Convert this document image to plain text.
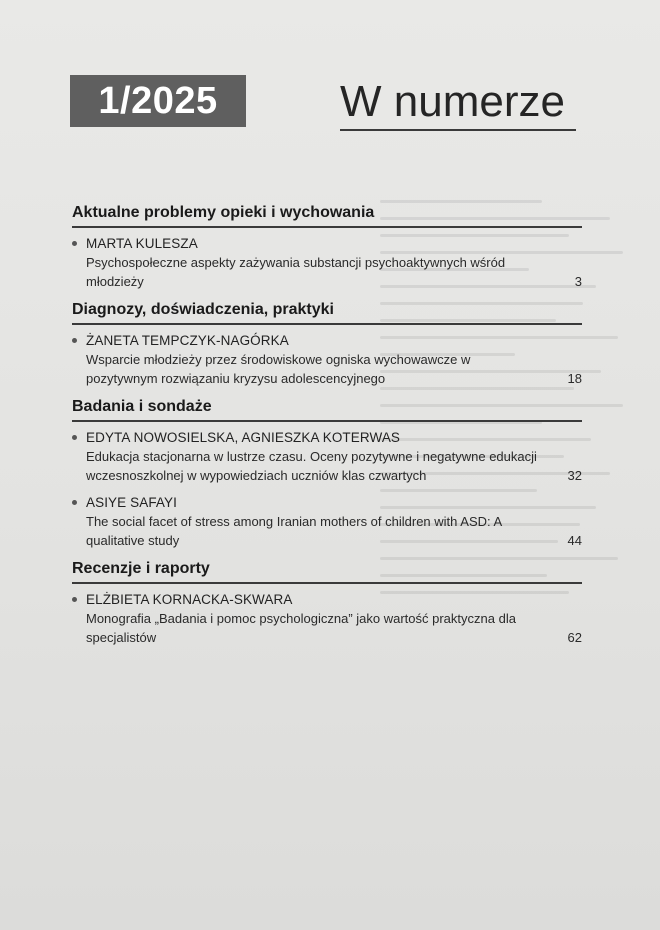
1/2025	W numerze
Aktualne problemy opieki i wychowania
MARTA KULESZA
Psychospołeczne aspekty zażywania substancji psychoaktywnych wśród młodzieży	3
Diagnozy, doświadczenia, praktyki
ŻANETA TEMPCZYK-NAGÓRKA
Wsparcie młodzieży przez środowiskowe ogniska wychowawcze w pozytywnym rozwiązaniu kryzysu adolescencyjnego	18
Badania i sondaże
EDYTA NOWOSIELSKA, AGNIESZKA KOTERWAS
Edukacja stacjonarna w lustrze czasu. Oceny pozytywne i negatywne edukacji wczesnoszkolnej w wypowiedziach uczniów klas czwartych	32
ASIYE SAFAYI
The social facet of stress among Iranian mothers of children with ASD: A qualitative study	44
Recenzje i raporty
ELŻBIETA KORNACKA-SKWARA
Monografia „Badania i pomoc psychologiczna” jako wartość praktyczna dla specjalistów	62
